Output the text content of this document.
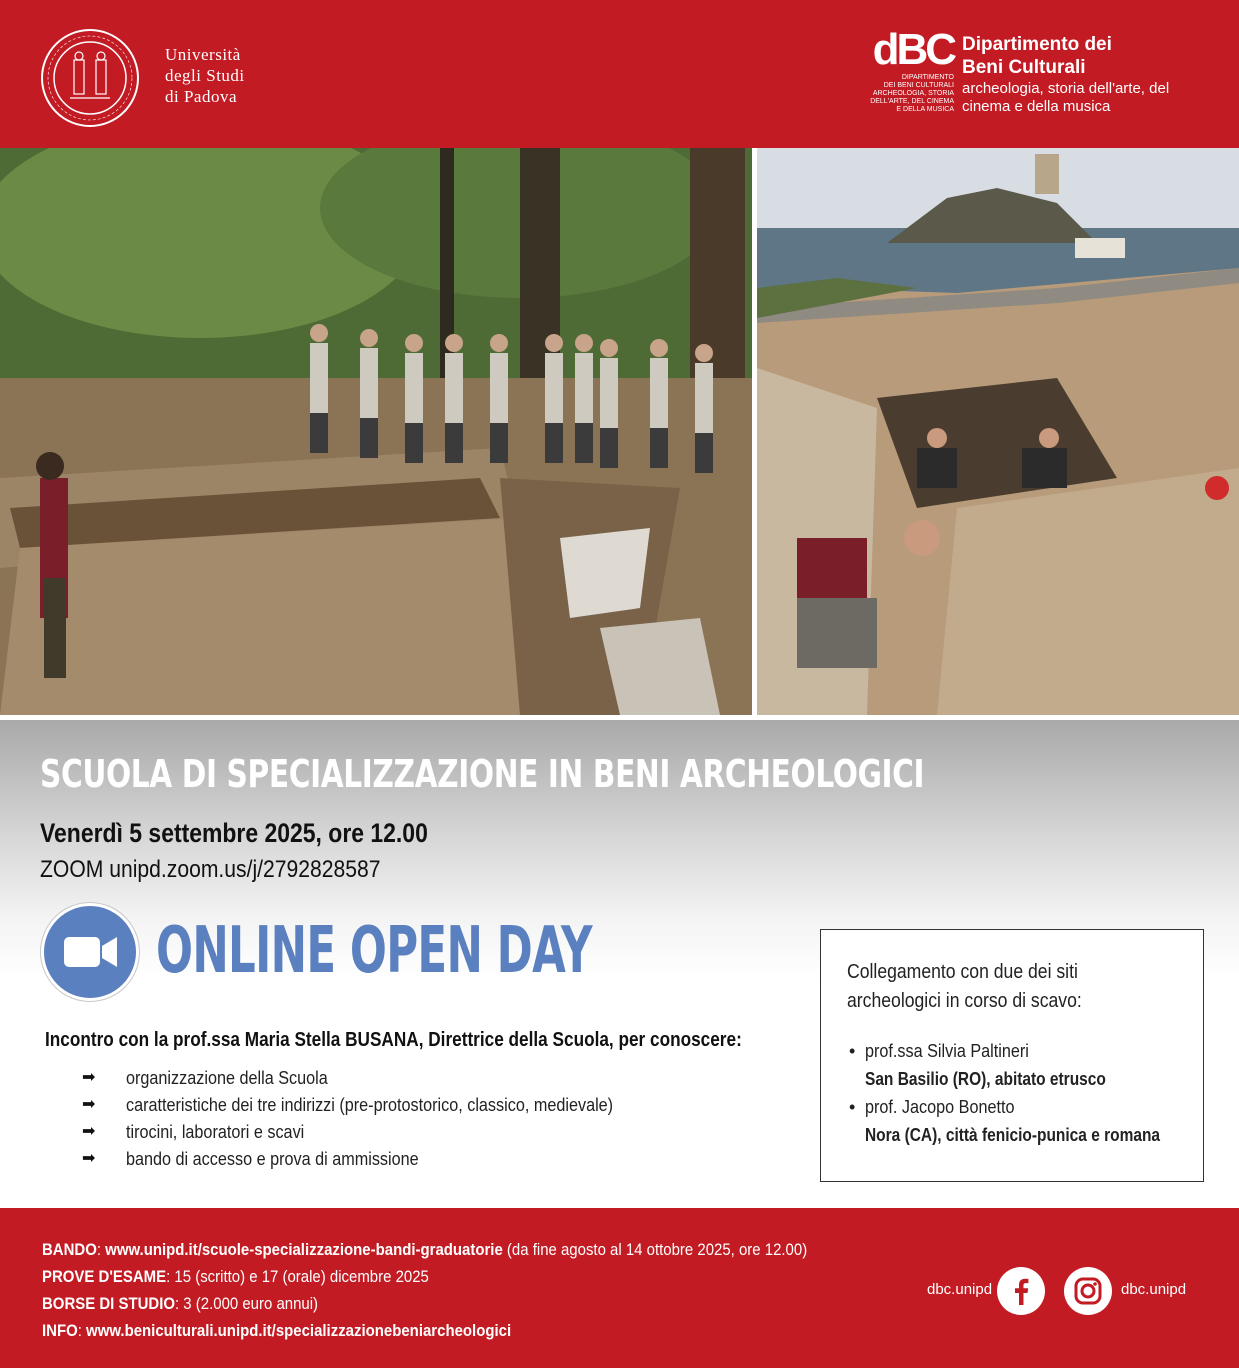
Università
degli Studi
di Padova
dBC
DIPARTIMENTO
DEI BENI CULTURALI
ARCHEOLOGIA, STORIA
DELL'ARTE, DEL CINEMA
E DELLA MUSICA
Dipartimento dei
Beni Culturali
archeologia, storia dell'arte, del cinema e della musica
SCUOLA DI SPECIALIZZAZIONE IN BENI ARCHEOLOGICI
Venerdì 5 settembre 2025, ore 12.00
ZOOM unipd.zoom.us/j/2792828587
ONLINE OPEN DAY
Incontro con la prof.ssa Maria Stella BUSANA, Direttrice della Scuola, per conoscere:
➡ organizzazione della Scuola
➡ caratteristiche dei tre indirizzi (pre-protostorico, classico, medievale)
➡ tirocini, laboratori e scavi
➡ bando di accesso e prova di ammissione
Collegamento con due dei siti
archeologici in corso di scavo:
• prof.ssa Silvia Paltineri
San Basilio (RO), abitato etrusco
• prof. Jacopo Bonetto
Nora (CA), città fenicio-punica e romana
BANDO: www.unipd.it/scuole-specializzazione-bandi-graduatorie (da fine agosto al 14 ottobre 2025, ore 12.00)
PROVE D'ESAME: 15 (scritto) e 17 (orale) dicembre 2025
BORSE DI STUDIO: 3 (2.000 euro annui)
INFO: www.beniculturali.unipd.it/specializzazionebeniarcheologici
dbc.unipd	dbc.unipd
